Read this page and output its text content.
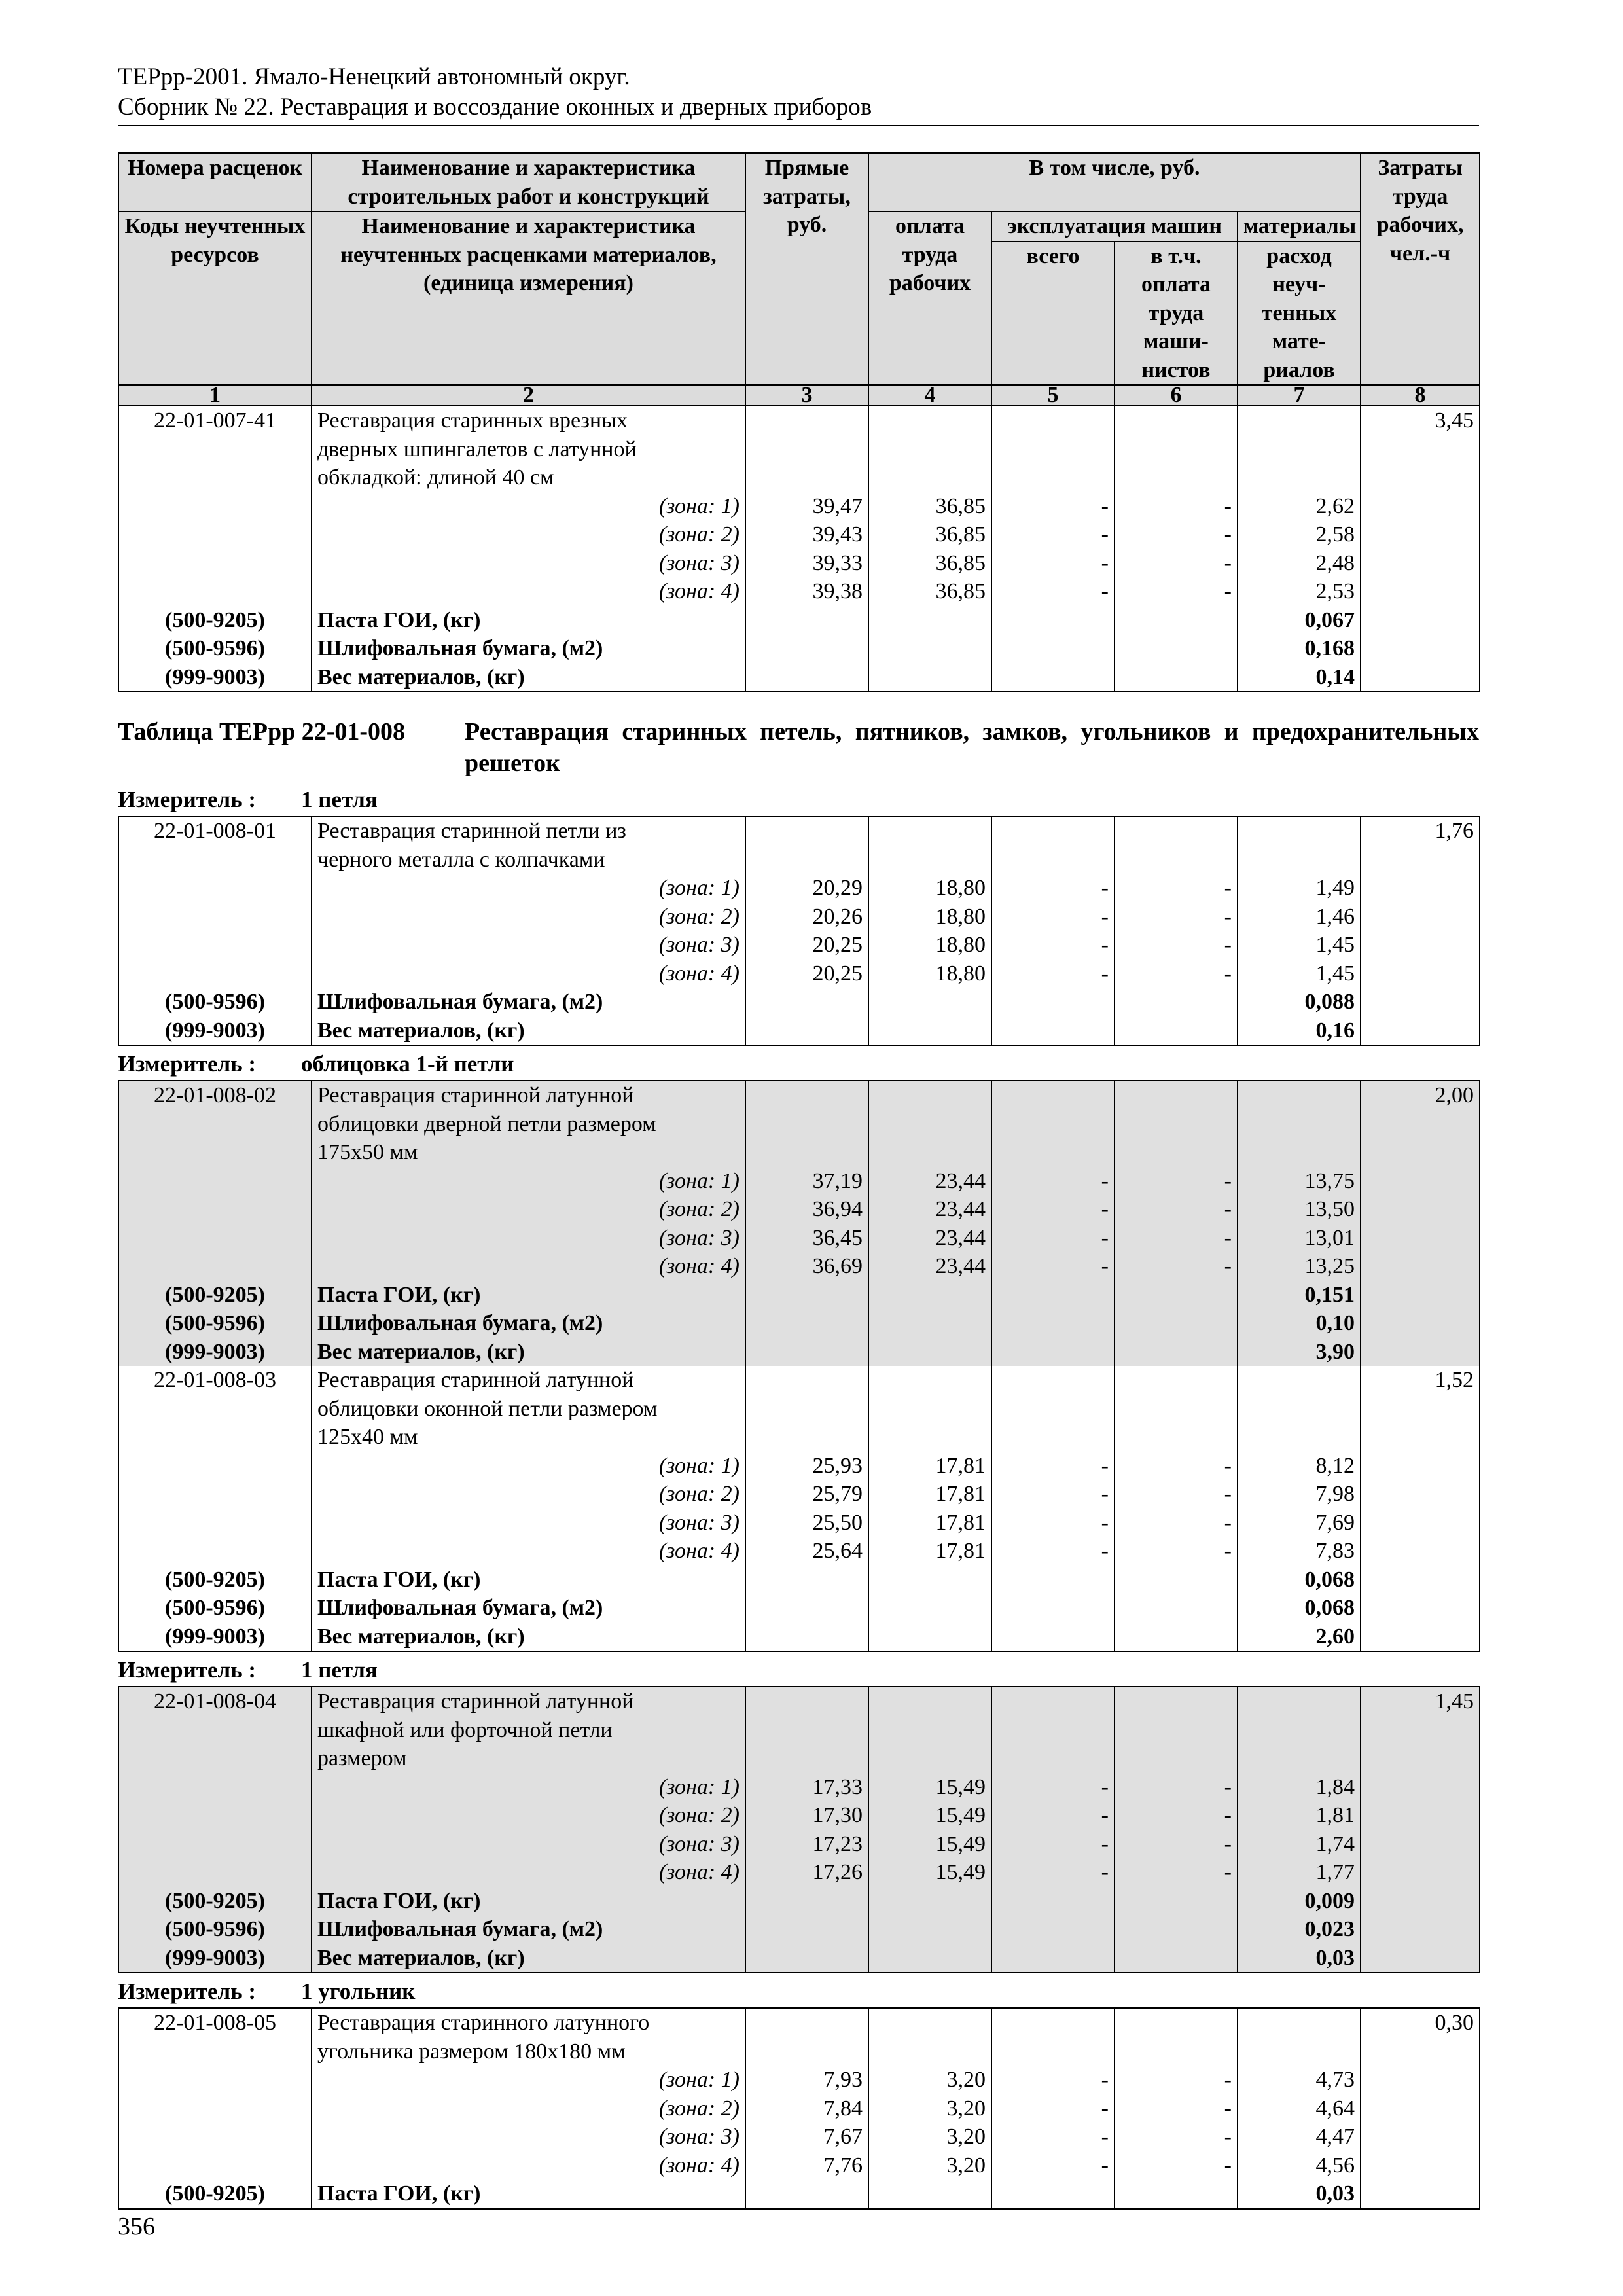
ТЕРрр-2001. Ямало-Ненецкий автономный округ.
Сборник № 22. Реставрация и воссоздание оконных и дверных приборов
Номера расценок	Наименование и характеристика строительных работ и конструкций	Прямые затраты, руб.	В том числе, руб.				Затраты труда рабочих, чел.-ч
Коды неучтенных ресурсов	Наименование и характеристика неучтенных расценками материалов, (единица измерения)		оплата труда рабочих	эксплуатация машин		материалы	
				всего	в т.ч. оплата труда маши- нистов	расход неуч- тенных мате- риалов	
1	2	3	4	5	6	7	8
22-01-007-41	Реставрация старинных врезных						3,45
	дверных шпингалетов с латунной						
	обкладкой: длиной 40 см						
	(зона: 1)	39,47	36,85	-	-	2,62	
	(зона: 2)	39,43	36,85	-	-	2,58	
	(зона: 3)	39,33	36,85	-	-	2,48	
	(зона: 4)	39,38	36,85	-	-	2,53	
(500-9205)	Паста ГОИ, (кг)					0,067	
(500-9596)	Шлифовальная бумага, (м2)					0,168	
(999-9003)	Вес материалов, (кг)					0,14	
Таблица ТЕРрр 22-01-008	Реставрация старинных петель, пятников, замков, угольников и предохранительных решеток
Измеритель : 1 петля
22-01-008-01	Реставрация старинной петли из						1,76
	черного металла с колпачками						
	(зона: 1)	20,29	18,80	-	-	1,49	
	(зона: 2)	20,26	18,80	-	-	1,46	
	(зона: 3)	20,25	18,80	-	-	1,45	
	(зона: 4)	20,25	18,80	-	-	1,45	
(500-9596)	Шлифовальная бумага, (м2)					0,088	
(999-9003)	Вес материалов, (кг)					0,16	
Измеритель : облицовка 1-й петли
22-01-008-02	Реставрация старинной латунной						2,00
	облицовки дверной петли размером						
	175х50 мм						
	(зона: 1)	37,19	23,44	-	-	13,75	
	(зона: 2)	36,94	23,44	-	-	13,50	
	(зона: 3)	36,45	23,44	-	-	13,01	
	(зона: 4)	36,69	23,44	-	-	13,25	
(500-9205)	Паста ГОИ, (кг)					0,151	
(500-9596)	Шлифовальная бумага, (м2)					0,10	
(999-9003)	Вес материалов, (кг)					3,90	
22-01-008-03	Реставрация старинной латунной						1,52
	облицовки оконной петли размером						
	125х40 мм						
	(зона: 1)	25,93	17,81	-	-	8,12	
	(зона: 2)	25,79	17,81	-	-	7,98	
	(зона: 3)	25,50	17,81	-	-	7,69	
	(зона: 4)	25,64	17,81	-	-	7,83	
(500-9205)	Паста ГОИ, (кг)					0,068	
(500-9596)	Шлифовальная бумага, (м2)					0,068	
(999-9003)	Вес материалов, (кг)					2,60	
Измеритель : 1 петля
22-01-008-04	Реставрация старинной латунной						1,45
	шкафной или форточной петли						
	размером						
	(зона: 1)	17,33	15,49	-	-	1,84	
	(зона: 2)	17,30	15,49	-	-	1,81	
	(зона: 3)	17,23	15,49	-	-	1,74	
	(зона: 4)	17,26	15,49	-	-	1,77	
(500-9205)	Паста ГОИ, (кг)					0,009	
(500-9596)	Шлифовальная бумага, (м2)					0,023	
(999-9003)	Вес материалов, (кг)					0,03	
Измеритель : 1 угольник
22-01-008-05	Реставрация старинного латунного						0,30
	угольника размером 180х180 мм						
	(зона: 1)	7,93	3,20	-	-	4,73	
	(зона: 2)	7,84	3,20	-	-	4,64	
	(зона: 3)	7,67	3,20	-	-	4,47	
	(зона: 4)	7,76	3,20	-	-	4,56	
(500-9205)	Паста ГОИ, (кг)					0,03	
356
